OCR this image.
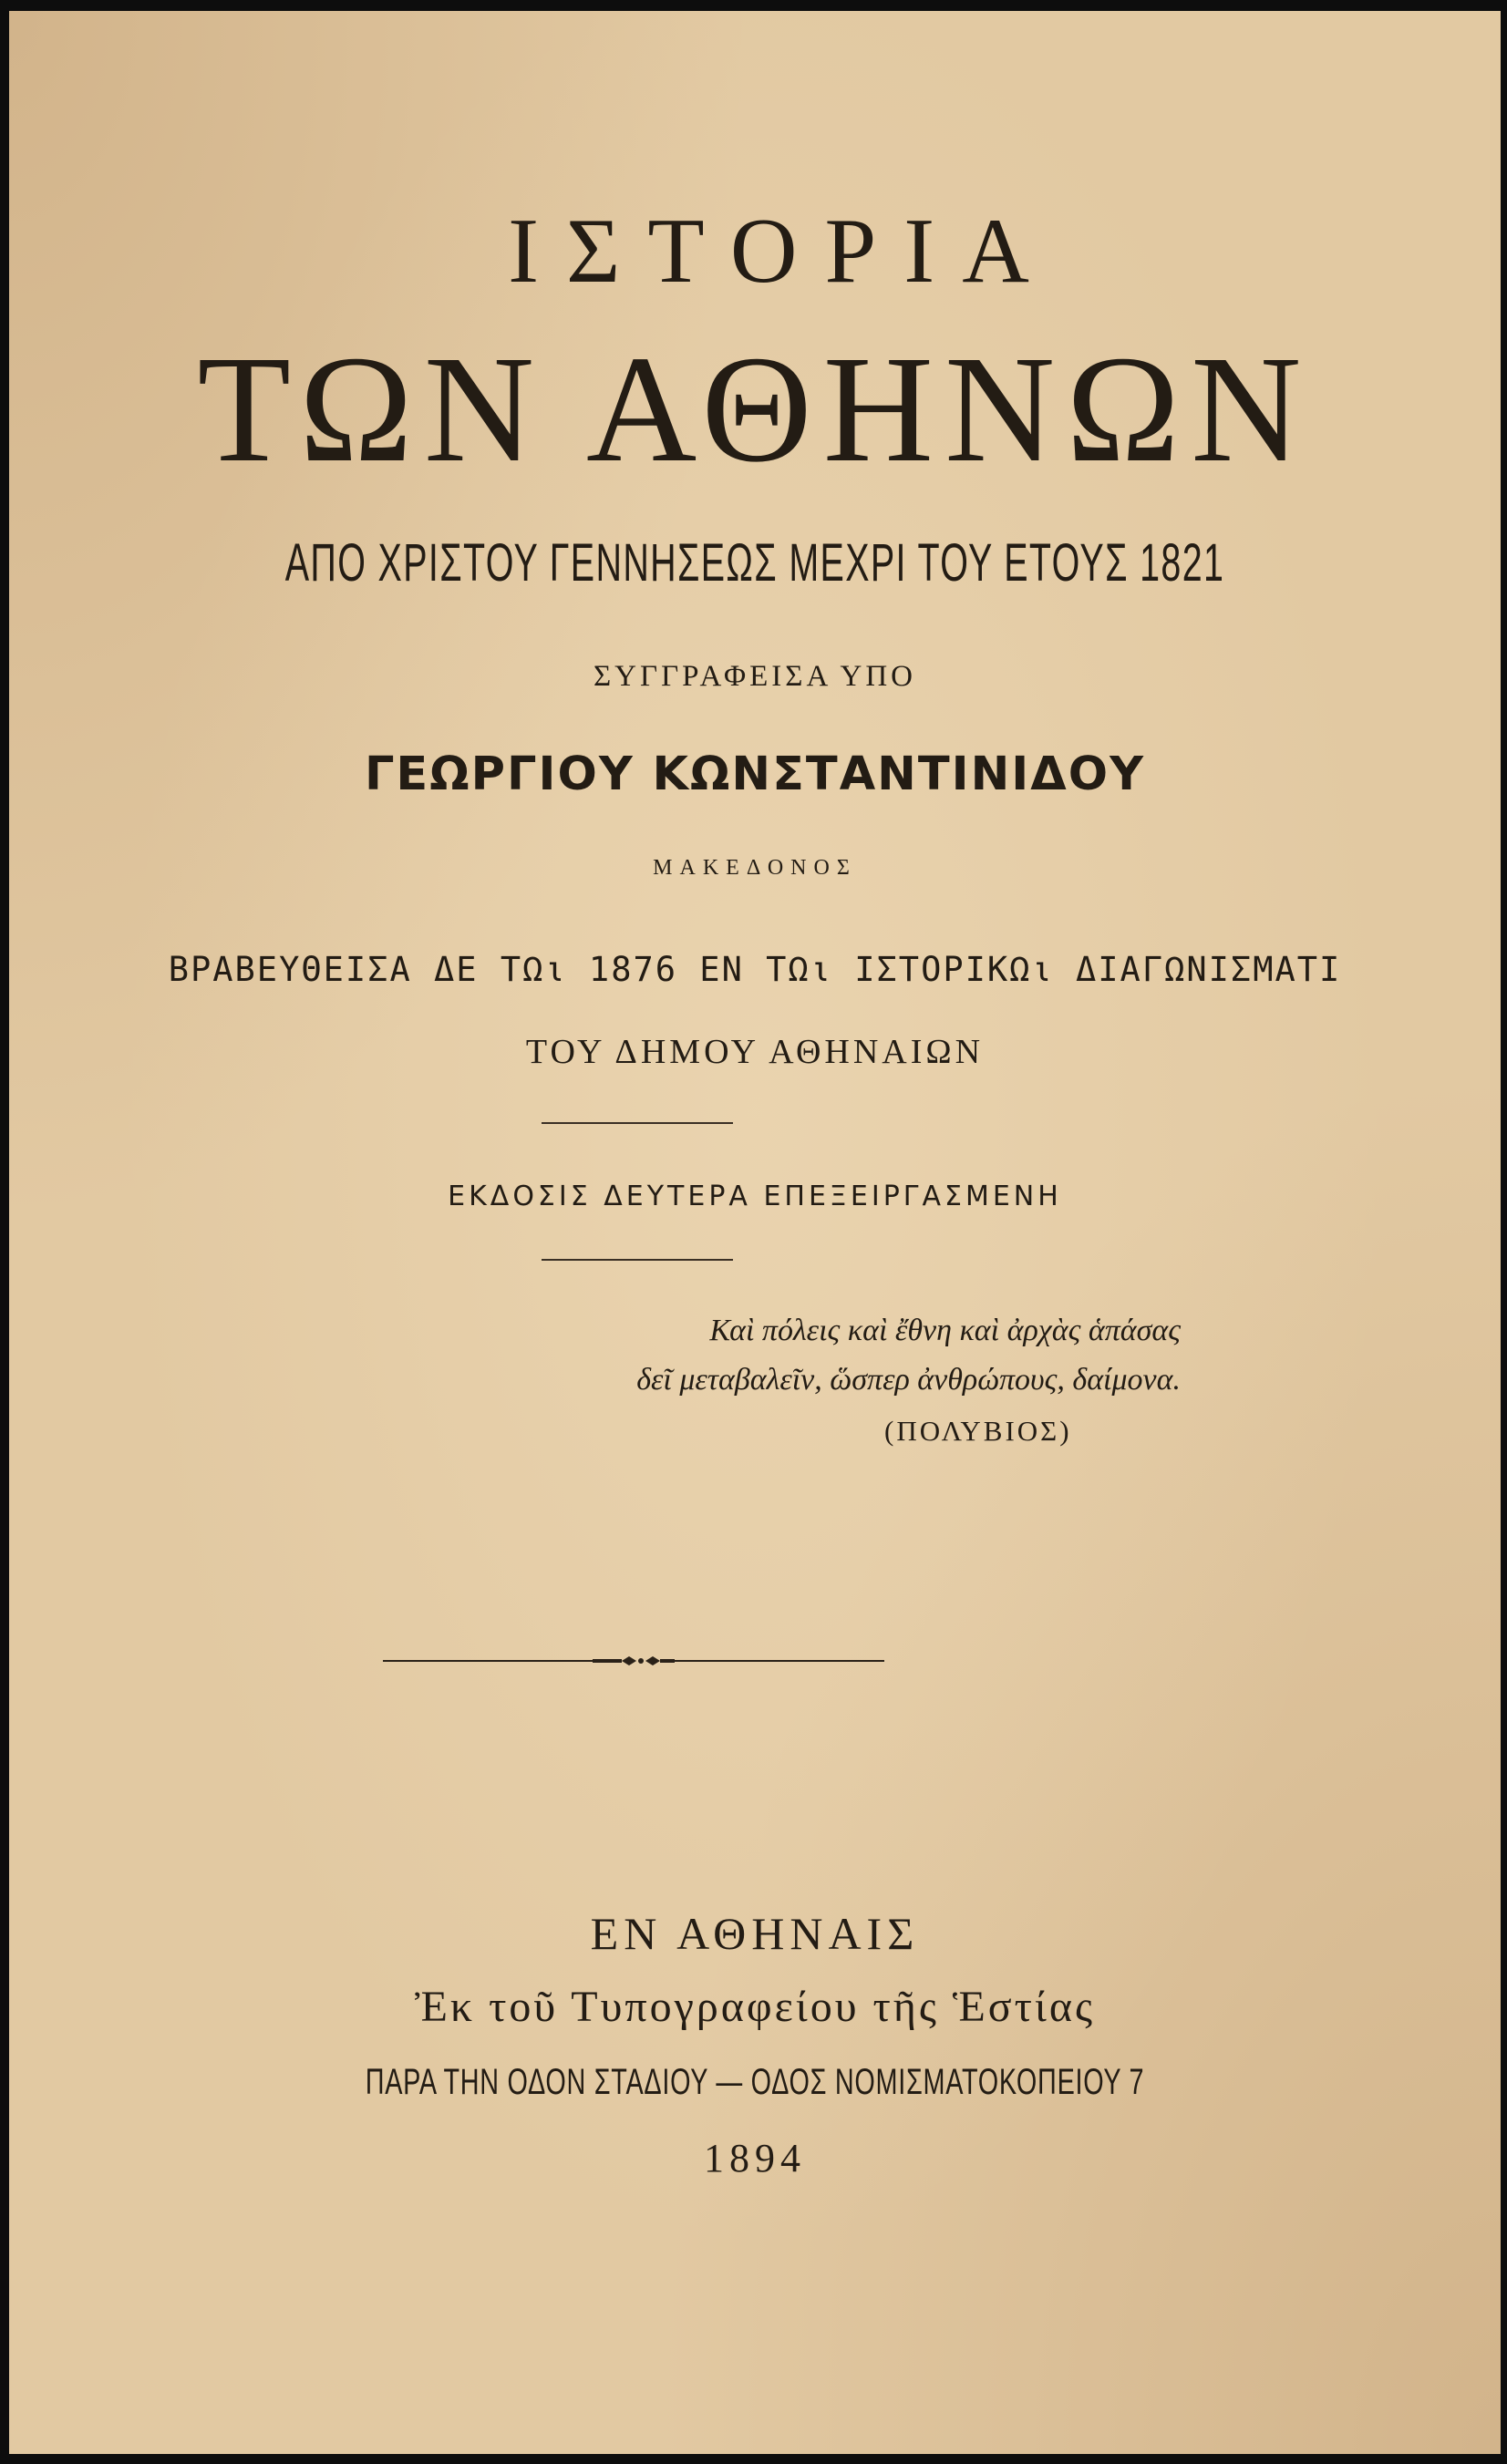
ΙΣΤΟΡΙΑ
ΤΩΝ ΑΘΗΝΩΝ
ΑΠΟ ΧΡΙΣΤΟΥ ΓΕΝΝΗΣΕΩΣ ΜΕΧΡΙ ΤΟΥ ΕΤΟΥΣ 1821
ΣΥΓΓΡΑΦΕΙΣΑ ΥΠΟ
ΓΕΩΡΓΙΟΥ ΚΩΝΣΤΑΝΤΙΝΙΔΟΥ
ΜΑΚΕΔΟΝΟΣ
ΒΡΑΒΕΥΘΕΙΣΑ ΔΕ ΤΩι 1876 ΕΝ ΤΩι ΙΣΤΟΡΙΚΩι ΔΙΑΓΩΝΙΣΜΑΤΙ
ΤΟΥ ΔΗΜΟΥ ΑΘΗΝΑΙΩΝ
ΕΚΔΟΣΙΣ ΔΕΥΤΕΡΑ ΕΠΕΞΕΙΡΓΑΣΜΕΝΗ
Καὶ πόλεις καὶ ἔθνη καὶ ἀρχὰς ἁπάσας
δεῖ μεταβαλεῖν, ὥσπερ ἀνθρώπους, δαίμονα.
(ΠΟΛΥΒΙΟΣ)
ΕΝ ΑΘΗΝΑΙΣ
Ἐκ τοῦ Τυπογραφείου τῆς Ἑστίας
ΠΑΡΑ ΤΗΝ ΟΔΟΝ ΣΤΑΔΙΟΥ — ΟΔΟΣ ΝΟΜΙΣΜΑΤΟΚΟΠΕΙΟΥ 7
1894
